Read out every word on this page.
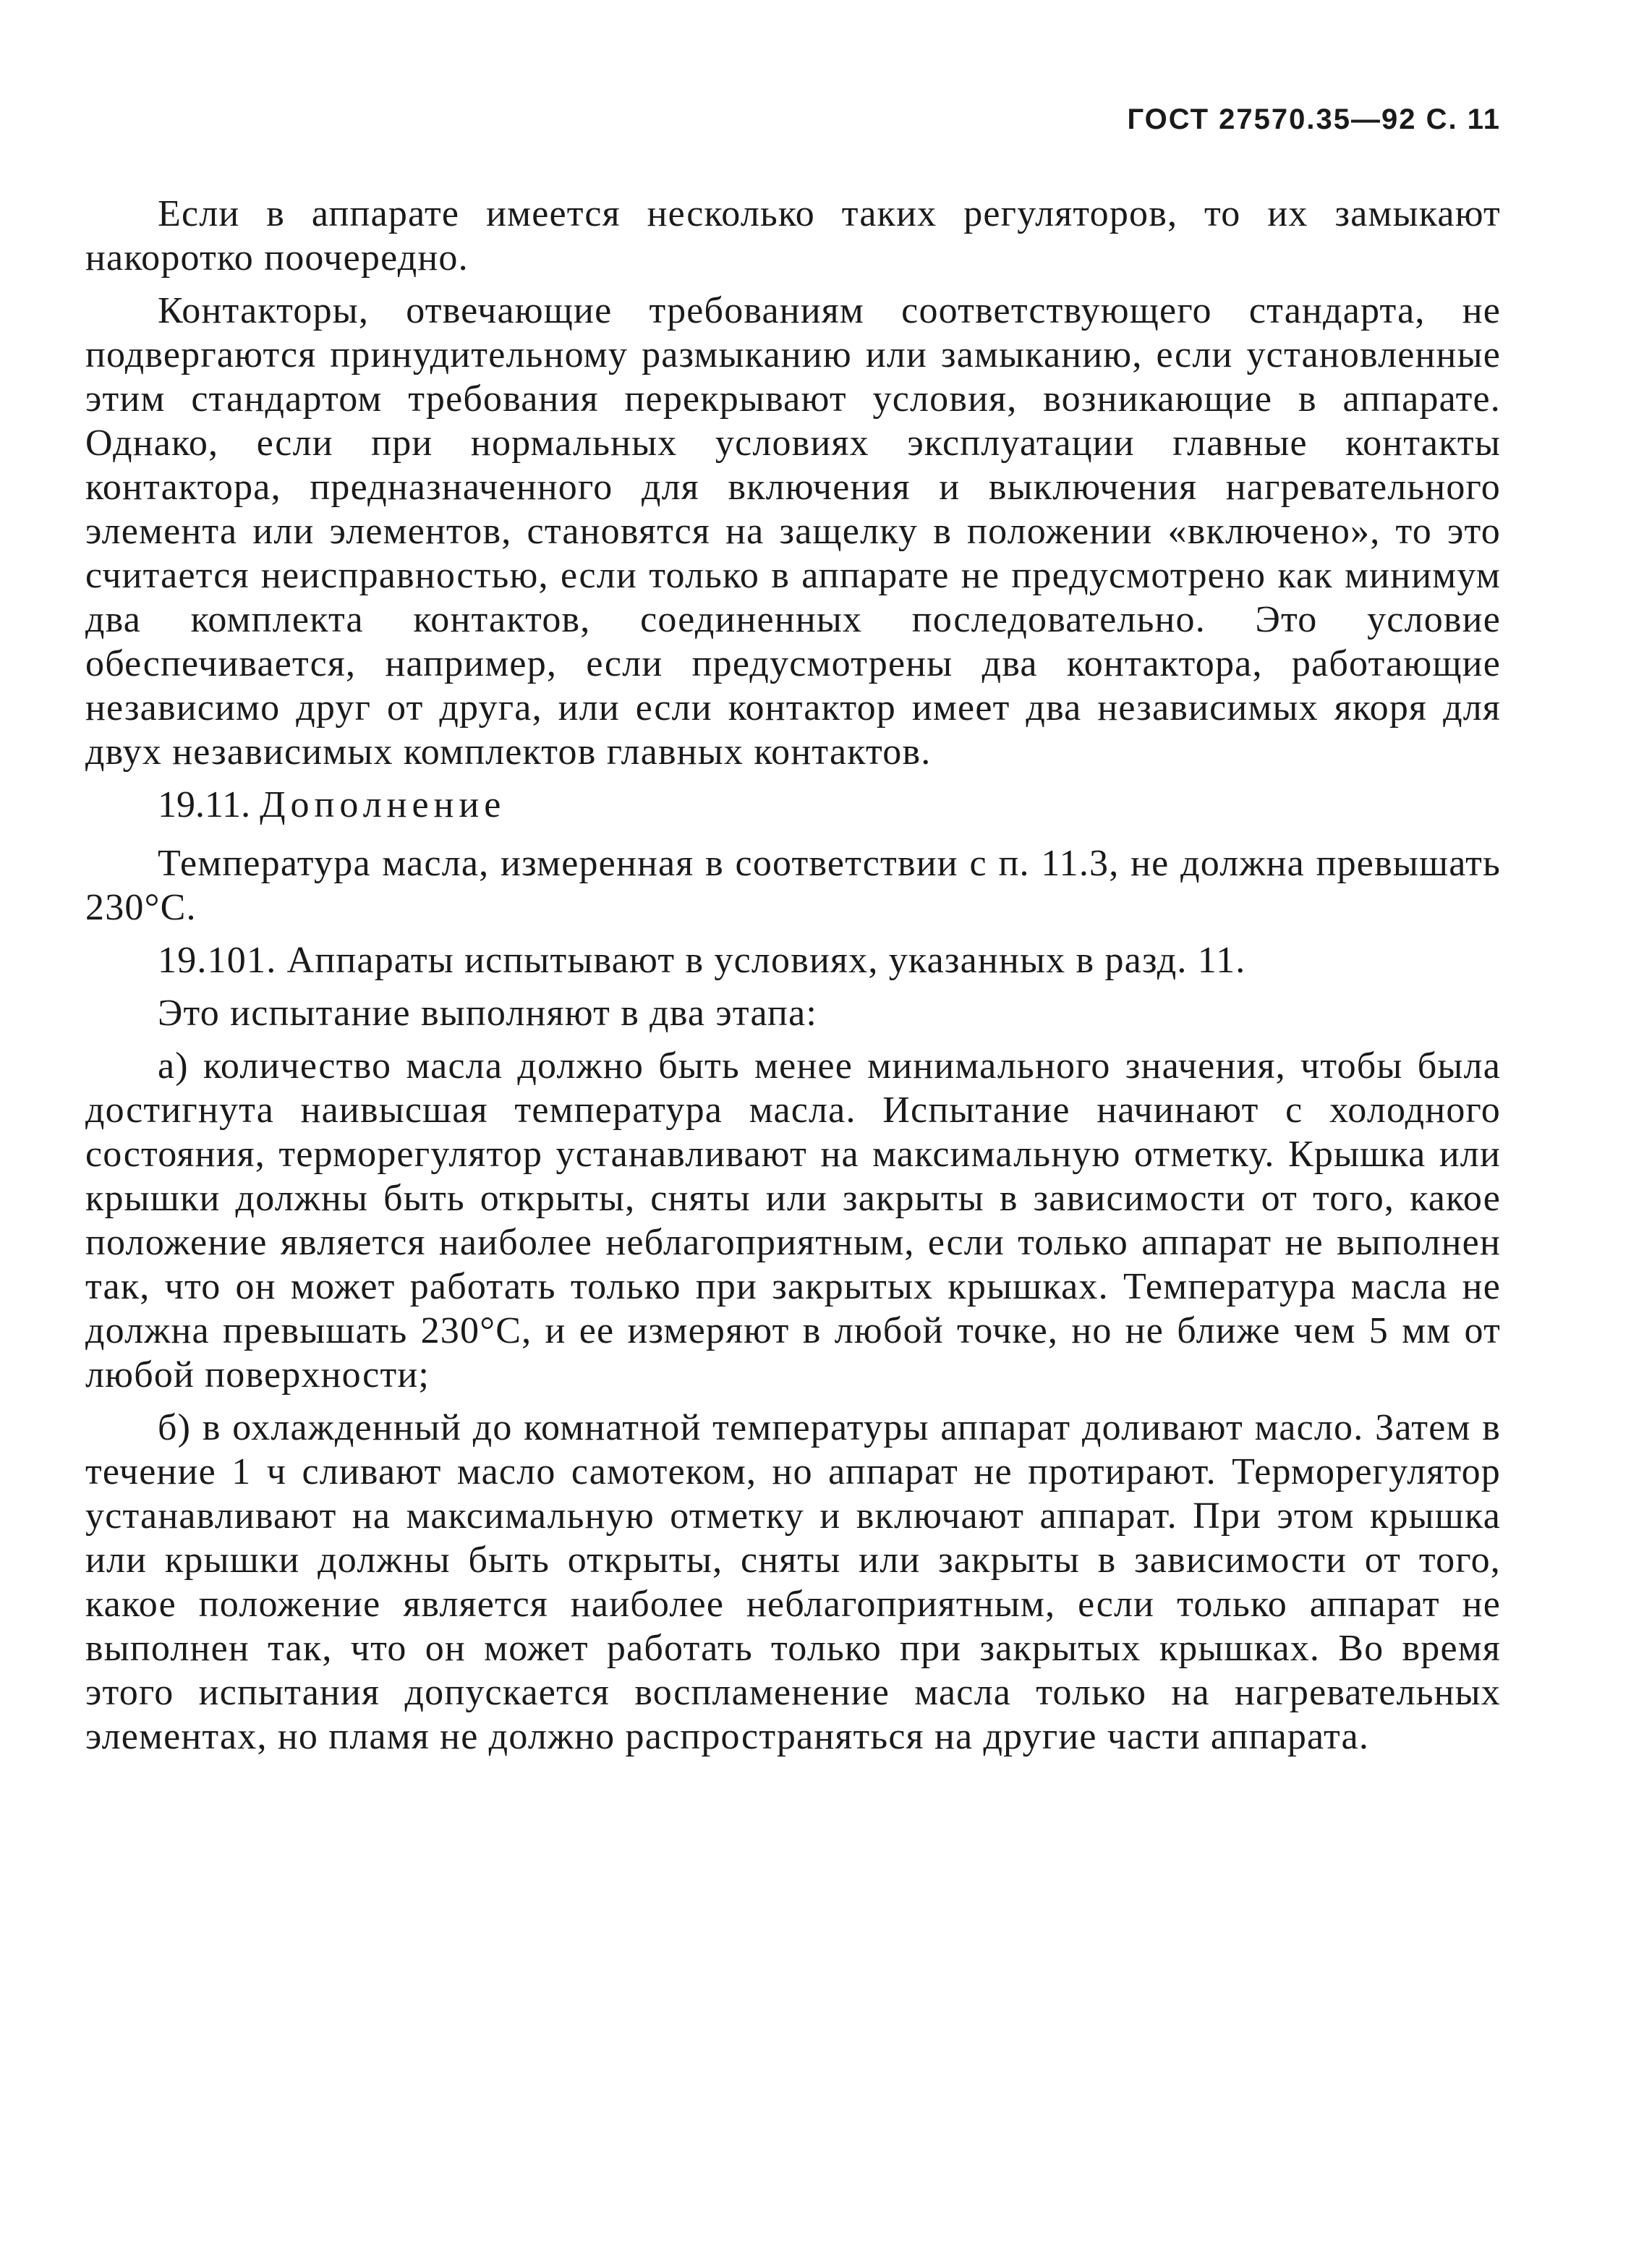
ГОСТ 27570.35—92 С. 11

Если в аппарате имеется несколько таких регуляторов, то их замыкают накоротко поочередно.

Контакторы, отвечающие требованиям соответствующего стандарта, не подвергаются принудительному размыканию или замыканию, если установленные этим стандартом требования перекрывают условия, возникающие в аппарате. Однако, если при нормальных условиях эксплуатации главные контакты контактора, предназначенного для включения и выключения нагревательного элемента или элементов, становятся на защелку в положении «включено», то это считается неисправностью, если только в аппарате не предусмотрено как минимум два комплекта контактов, соединенных последовательно. Это условие обеспечивается, например, если предусмотрены два контактора, работающие независимо друг от друга, или если контактор имеет два независимых якоря для двух независимых комплектов главных контактов.

19.11. Дополнение

Температура масла, измеренная в соответствии с п. 11.3, не должна превышать 230°С.

19.101. Аппараты испытывают в условиях, указанных в разд. 11.

Это испытание выполняют в два этапа:

а) количество масла должно быть менее минимального значения, чтобы была достигнута наивысшая температура масла. Испытание начинают с холодного состояния, терморегулятор устанавливают на максимальную отметку. Крышка или крышки должны быть открыты, сняты или закрыты в зависимости от того, какое положение является наиболее неблагоприятным, если только аппарат не выполнен так, что он может работать только при закрытых крышках. Температура масла не должна превышать 230°С, и ее измеряют в любой точке, но не ближе чем 5 мм от любой поверхности;

б) в охлажденный до комнатной температуры аппарат доливают масло. Затем в течение 1 ч сливают масло самотеком, но аппарат не протирают. Терморегулятор устанавливают на максимальную отметку и включают аппарат. При этом крышка или крышки должны быть открыты, сняты или закрыты в зависимости от того, какое положение является наиболее неблагоприятным, если только аппарат не выполнен так, что он может работать только при закрытых крышках. Во время этого испытания допускается воспламенение масла только на нагревательных элементах, но пламя не должно распространяться на другие части аппарата.
